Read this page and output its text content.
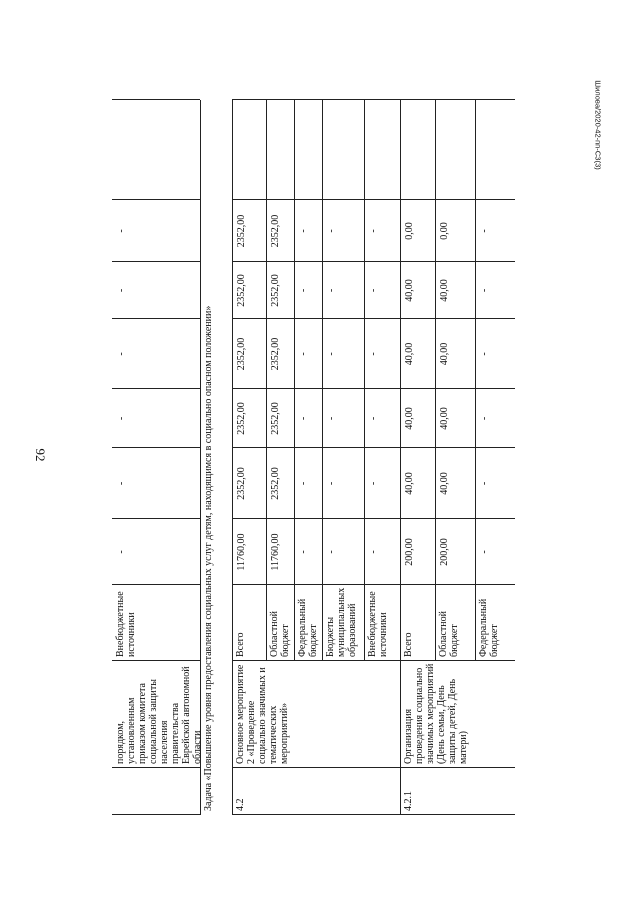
92
Шилова/2020-42-пп-СЗ(3)
порядком, установленным приказом комитета социальной защиты населения правительства Еврейской автономной области
Внебюджетные источники
-
-
-
-
-
-
Задача «Повышение уровня предоставления социальных услуг детям, находящимся в социально опасном положении»	4.2
Основное мероприятие 2 «Проведение социально значимых и тематических мероприятий»
Всего
11760,00
2352,00
2352,00
2352,00
2352,00
2352,00
Областной бюджет
11760,00
2352,00
2352,00
2352,00
2352,00
2352,00
Федеральный бюджет
-
-
-
-
-
-
Бюджеты муниципальных образований
-
-
-
-
-
-
Внебюджетные источники
-
-
-
-
-
-
4.2.1
Организация проведения социально значимых мероприятий (День семьи, День защиты детей, День матери)
Всего
200,00
40,00
40,00
40,00
40,00
0,00
Областной бюджет
200,00
40,00
40,00
40,00
40,00
0,00
Федеральный бюджет
-
-
-
-
-
-
